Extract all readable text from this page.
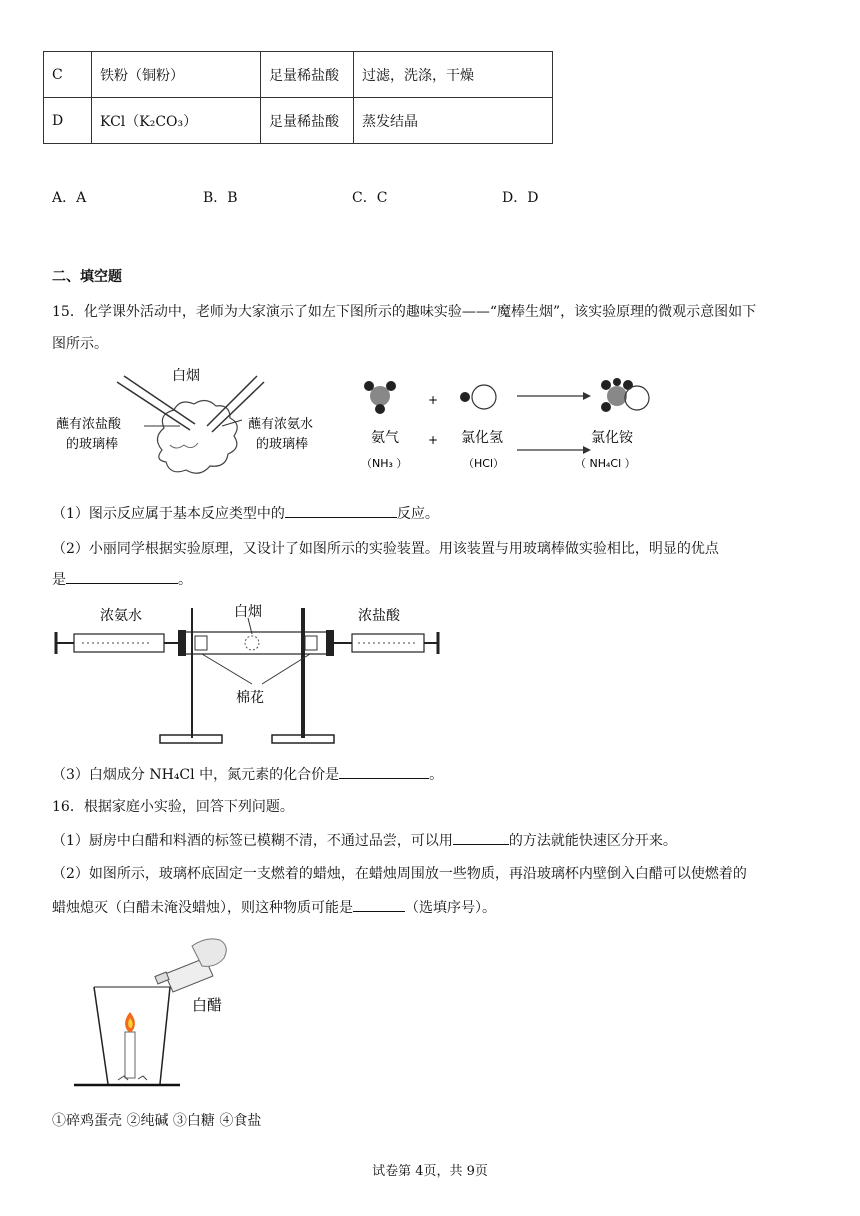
C	铁粉（铜粉）	足量稀盐酸	过滤，洗涤，干燥
D	KCl（K₂CO₃）	足量稀盐酸	蒸发结晶
A．A	B．B	C．C	D．D
二、填空题
15．化学课外活动中，老师为大家演示了如左下图所示的趣味实验——“魔棒生烟”，该实验原理的微观示意图如下
图所示。
白烟
蘸有浓盐酸
的玻璃棒
蘸有浓氨水
的玻璃棒
+
氨气
（NH₃ ）
+ 氯化氢
（HCl）
氯化铵
（ NH₄Cl ）
（1）图示反应属于基本反应类型中的	反应。
（2）小丽同学根据实验原理，又设计了如图所示的实验装置。用该装置与用玻璃棒做实验相比，明显的优点
是	。
浓氨水	白烟	浓盐酸
棉花
（3）白烟成分 NH₄Cl 中，氮元素的化合价是	。
16．根据家庭小实验，回答下列问题。
（1）厨房中白醋和料酒的标签已模糊不清，不通过品尝，可以用	的方法就能快速区分开来。
（2）如图所示，玻璃杯底固定一支燃着的蜡烛，在蜡烛周围放一些物质，再沿玻璃杯内壁倒入白醋可以使燃着的
蜡烛熄灭（白醋未淹没蜡烛），则这种物质可能是	（选填序号）。
白醋
①碎鸡蛋壳 ②纯碱 ③白糖 ④食盐
试卷第 4页，共 9页
